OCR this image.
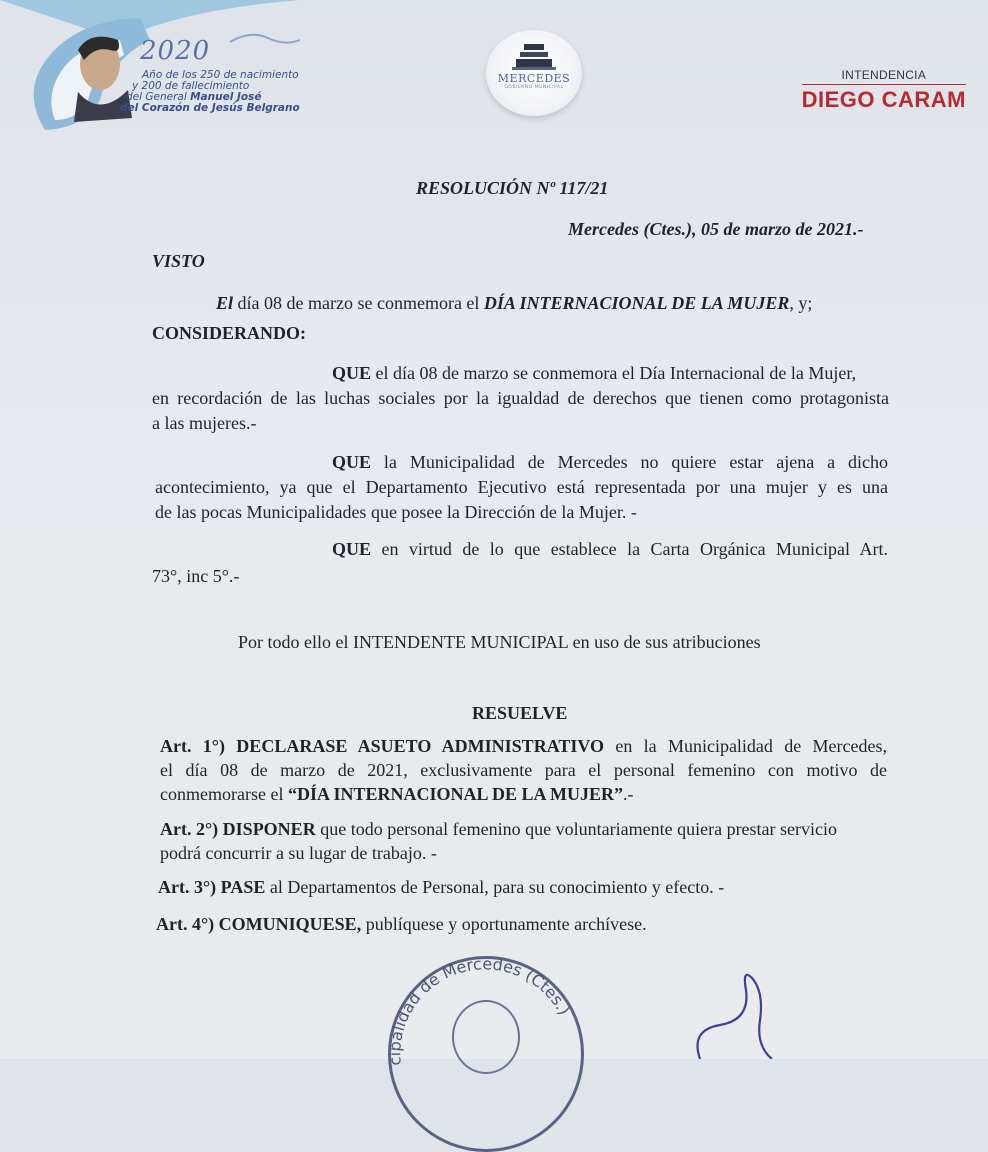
2020
Año de los 250 de nacimiento
y 200 de fallecimiento
del General Manuel José
del Corazón de Jesús Belgrano
MERCEDES
GOBIERNO MUNICIPAL
INTENDENCIA
DIEGO CARAM
RESOLUCIÓN Nº 117/21
Mercedes (Ctes.), 05 de marzo de 2021.-
VISTO
El día 08 de marzo se conmemora el DÍA INTERNACIONAL DE LA MUJER, y;
CONSIDERANDO:
QUE el día 08 de marzo se conmemora el Día Internacional de la Mujer,
en recordación de las luchas sociales por la igualdad de derechos que tienen como protagonista
a las mujeres.-
QUE la Municipalidad de Mercedes no quiere estar ajena a dicho
acontecimiento, ya que el Departamento Ejecutivo está representada por una mujer y es una
de las pocas Municipalidades que posee la Dirección de la Mujer. -
QUE en virtud de lo que establece la Carta Orgánica Municipal Art.
73°, inc 5°.-
Por todo ello el INTENDENTE MUNICIPAL en uso de sus atribuciones
RESUELVE
Art. 1°) DECLARASE ASUETO ADMINISTRATIVO en la Municipalidad de Mercedes,
el día 08 de marzo de 2021, exclusivamente para el personal femenino con motivo de
conmemorarse el “DÍA INTERNACIONAL DE LA MUJER”.-
Art. 2°) DISPONER que todo personal femenino que voluntariamente quiera prestar servicio
podrá concurrir a su lugar de trabajo. -
Art. 3°) PASE al Departamentos de Personal, para su conocimiento y efecto. -
Art. 4°) COMUNIQUESE, publíquese y oportunamente archívese.
cipalidad de Mercedes (Ctes.)
